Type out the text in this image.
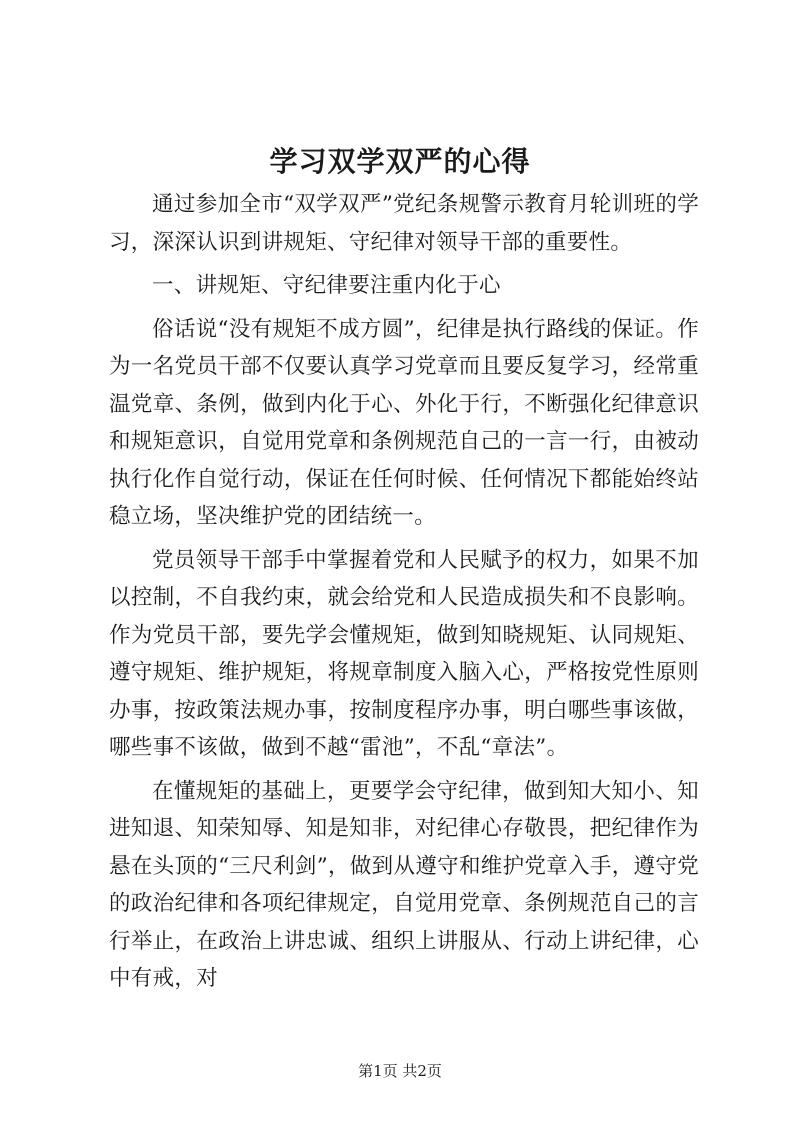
学习双学双严的心得

通过参加全市“双学双严”党纪条规警示教育月轮训班的学习，深深认识到讲规矩、守纪律对领导干部的重要性。

一、讲规矩、守纪律要注重内化于心

俗话说“没有规矩不成方圆”，纪律是执行路线的保证。作为一名党员干部不仅要认真学习党章而且要反复学习，经常重温党章、条例，做到内化于心、外化于行，不断强化纪律意识和规矩意识，自觉用党章和条例规范自己的一言一行，由被动执行化作自觉行动，保证在任何时候、任何情况下都能始终站稳立场，坚决维护党的团结统一。

党员领导干部手中掌握着党和人民赋予的权力，如果不加以控制，不自我约束，就会给党和人民造成损失和不良影响。作为党员干部，要先学会懂规矩，做到知晓规矩、认同规矩、遵守规矩、维护规矩，将规章制度入脑入心，严格按党性原则办事，按政策法规办事，按制度程序办事，明白哪些事该做，哪些事不该做，做到不越“雷池”，不乱“章法”。

在懂规矩的基础上，更要学会守纪律，做到知大知小、知进知退、知荣知辱、知是知非，对纪律心存敬畏，把纪律作为悬在头顶的“三尺利剑”，做到从遵守和维护党章入手，遵守党的政治纪律和各项纪律规定，自觉用党章、条例规范自己的言行举止，在政治上讲忠诚、组织上讲服从、行动上讲纪律，心中有戒，对

第1页 共2页
